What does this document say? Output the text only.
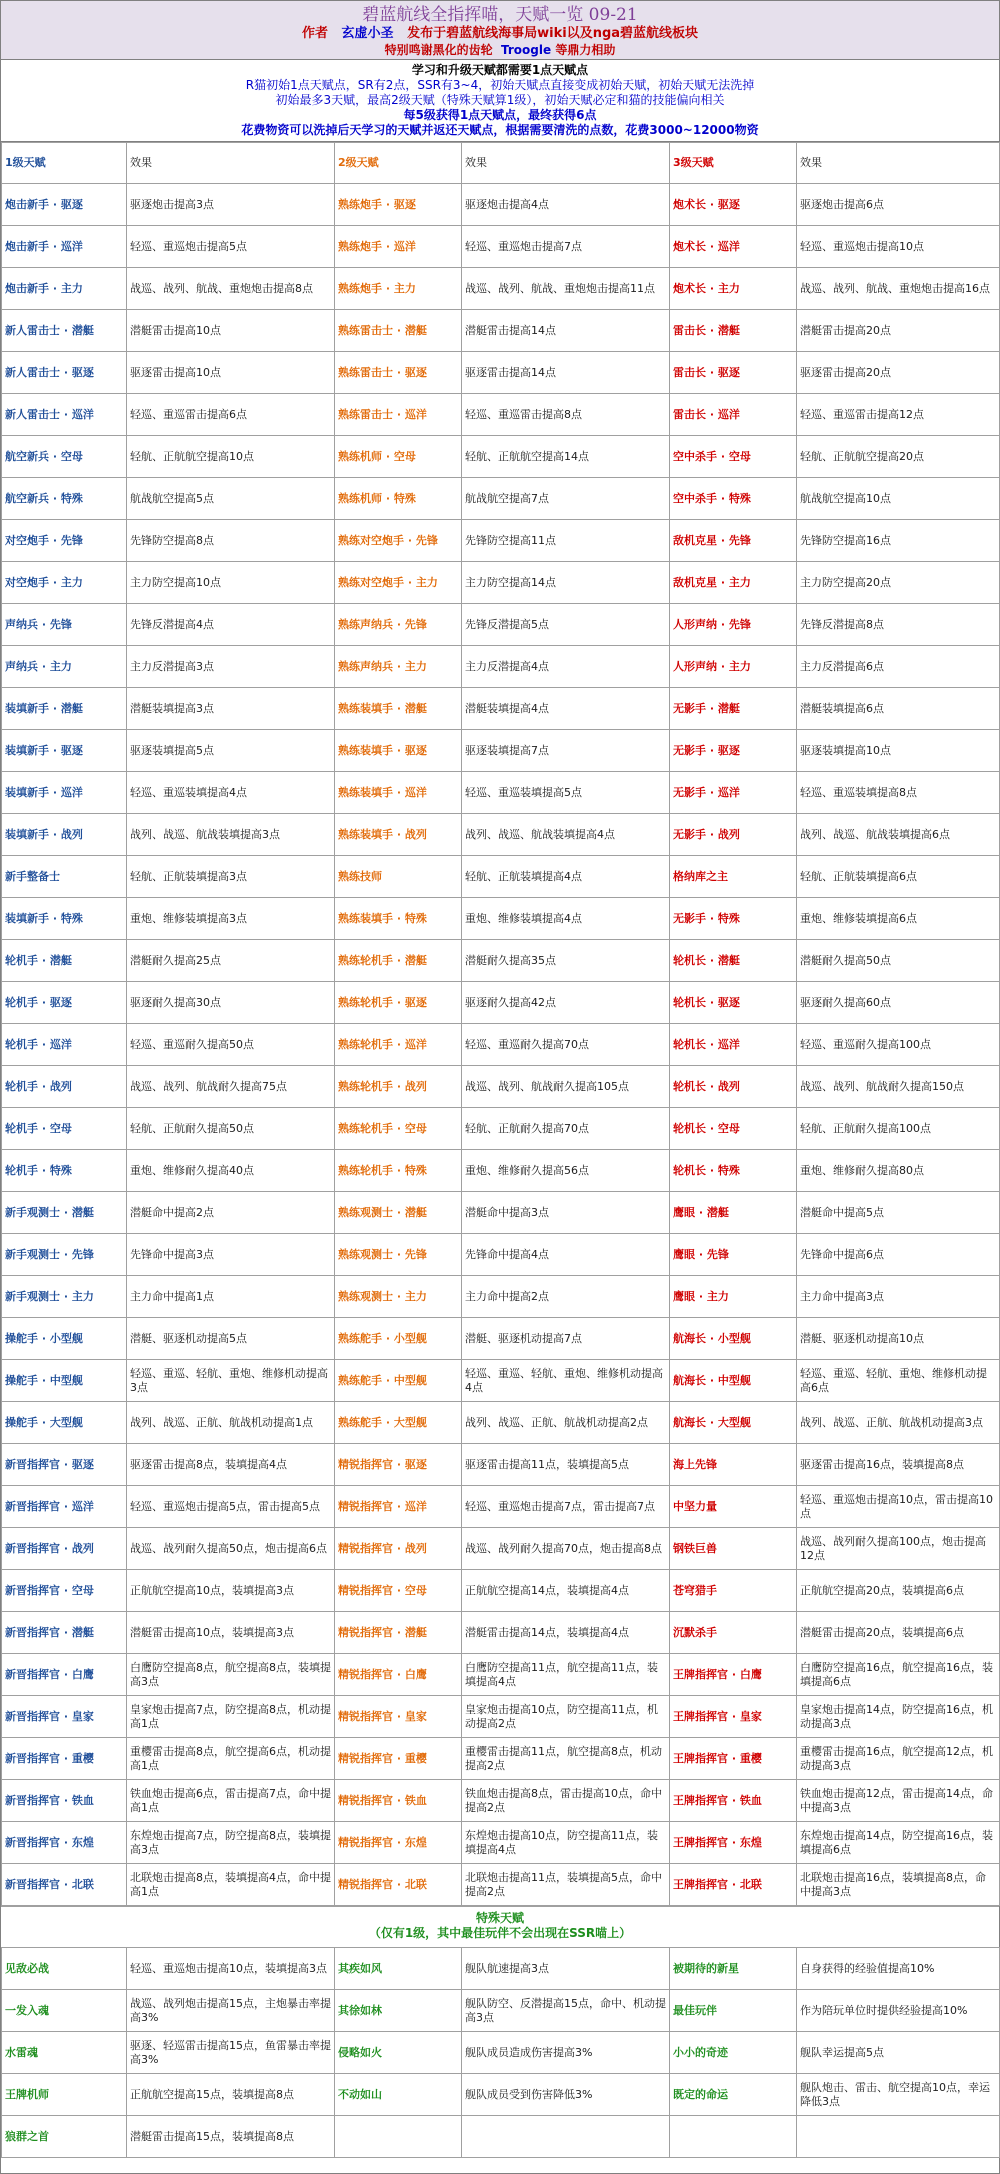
碧蓝航线全指挥喵，天赋一览 09-21
作者 玄虚小圣 发布于碧蓝航线海事局wiki以及nga碧蓝航线板块
特别鸣谢黑化的齿轮 Troogle 等鼎力相助
学习和升级天赋都需要1点天赋点
R猫初始1点天赋点，SR有2点，SSR有3~4，初始天赋点直接变成初始天赋，初始天赋无法洗掉
初始最多3天赋，最高2级天赋（特殊天赋算1级），初始天赋必定和猫的技能偏向相关
每5级获得1点天赋点，最终获得6点
花费物资可以洗掉后天学习的天赋并返还天赋点，根据需要清洗的点数，花费3000~12000物资
1级天赋	效果	2级天赋	效果	3级天赋	效果
炮击新手 · 驱逐	驱逐炮击提高3点	熟练炮手 · 驱逐	驱逐炮击提高4点	炮术长 · 驱逐	驱逐炮击提高6点
炮击新手 · 巡洋	轻巡、重巡炮击提高5点	熟练炮手 · 巡洋	轻巡、重巡炮击提高7点	炮术长 · 巡洋	轻巡、重巡炮击提高10点
炮击新手 · 主力	战巡、战列、航战、重炮炮击提高8点	熟练炮手 · 主力	战巡、战列、航战、重炮炮击提高11点	炮术长 · 主力	战巡、战列、航战、重炮炮击提高16点
新人雷击士 · 潜艇	潜艇雷击提高10点	熟练雷击士 · 潜艇	潜艇雷击提高14点	雷击长 · 潜艇	潜艇雷击提高20点
新人雷击士 · 驱逐	驱逐雷击提高10点	熟练雷击士 · 驱逐	驱逐雷击提高14点	雷击长 · 驱逐	驱逐雷击提高20点
新人雷击士 · 巡洋	轻巡、重巡雷击提高6点	熟练雷击士 · 巡洋	轻巡、重巡雷击提高8点	雷击长 · 巡洋	轻巡、重巡雷击提高12点
航空新兵 · 空母	轻航、正航航空提高10点	熟练机师 · 空母	轻航、正航航空提高14点	空中杀手 · 空母	轻航、正航航空提高20点
航空新兵 · 特殊	航战航空提高5点	熟练机师 · 特殊	航战航空提高7点	空中杀手 · 特殊	航战航空提高10点
对空炮手 · 先锋	先锋防空提高8点	熟练对空炮手 · 先锋	先锋防空提高11点	敌机克星 · 先锋	先锋防空提高16点
对空炮手 · 主力	主力防空提高10点	熟练对空炮手 · 主力	主力防空提高14点	敌机克星 · 主力	主力防空提高20点
声纳兵 · 先锋	先锋反潜提高4点	熟练声纳兵 · 先锋	先锋反潜提高5点	人形声纳 · 先锋	先锋反潜提高8点
声纳兵 · 主力	主力反潜提高3点	熟练声纳兵 · 主力	主力反潜提高4点	人形声纳 · 主力	主力反潜提高6点
装填新手 · 潜艇	潜艇装填提高3点	熟练装填手 · 潜艇	潜艇装填提高4点	无影手 · 潜艇	潜艇装填提高6点
装填新手 · 驱逐	驱逐装填提高5点	熟练装填手 · 驱逐	驱逐装填提高7点	无影手 · 驱逐	驱逐装填提高10点
装填新手 · 巡洋	轻巡、重巡装填提高4点	熟练装填手 · 巡洋	轻巡、重巡装填提高5点	无影手 · 巡洋	轻巡、重巡装填提高8点
装填新手 · 战列	战列、战巡、航战装填提高3点	熟练装填手 · 战列	战列、战巡、航战装填提高4点	无影手 · 战列	战列、战巡、航战装填提高6点
新手整备士	轻航、正航装填提高3点	熟练技师	轻航、正航装填提高4点	格纳库之主	轻航、正航装填提高6点
装填新手 · 特殊	重炮、维修装填提高3点	熟练装填手 · 特殊	重炮、维修装填提高4点	无影手 · 特殊	重炮、维修装填提高6点
轮机手 · 潜艇	潜艇耐久提高25点	熟练轮机手 · 潜艇	潜艇耐久提高35点	轮机长 · 潜艇	潜艇耐久提高50点
轮机手 · 驱逐	驱逐耐久提高30点	熟练轮机手 · 驱逐	驱逐耐久提高42点	轮机长 · 驱逐	驱逐耐久提高60点
轮机手 · 巡洋	轻巡、重巡耐久提高50点	熟练轮机手 · 巡洋	轻巡、重巡耐久提高70点	轮机长 · 巡洋	轻巡、重巡耐久提高100点
轮机手 · 战列	战巡、战列、航战耐久提高75点	熟练轮机手 · 战列	战巡、战列、航战耐久提高105点	轮机长 · 战列	战巡、战列、航战耐久提高150点
轮机手 · 空母	轻航、正航耐久提高50点	熟练轮机手 · 空母	轻航、正航耐久提高70点	轮机长 · 空母	轻航、正航耐久提高100点
轮机手 · 特殊	重炮、维修耐久提高40点	熟练轮机手 · 特殊	重炮、维修耐久提高56点	轮机长 · 特殊	重炮、维修耐久提高80点
新手观测士 · 潜艇	潜艇命中提高2点	熟练观测士 · 潜艇	潜艇命中提高3点	鹰眼 · 潜艇	潜艇命中提高5点
新手观测士 · 先锋	先锋命中提高3点	熟练观测士 · 先锋	先锋命中提高4点	鹰眼 · 先锋	先锋命中提高6点
新手观测士 · 主力	主力命中提高1点	熟练观测士 · 主力	主力命中提高2点	鹰眼 · 主力	主力命中提高3点
操舵手 · 小型舰	潜艇、驱逐机动提高5点	熟练舵手 · 小型舰	潜艇、驱逐机动提高7点	航海长 · 小型舰	潜艇、驱逐机动提高10点
操舵手 · 中型舰	轻巡、重巡、轻航、重炮、维修机动提高3点	熟练舵手 · 中型舰	轻巡、重巡、轻航、重炮、维修机动提高4点	航海长 · 中型舰	轻巡、重巡、轻航、重炮、维修机动提高6点
操舵手 · 大型舰	战列、战巡、正航、航战机动提高1点	熟练舵手 · 大型舰	战列、战巡、正航、航战机动提高2点	航海长 · 大型舰	战列、战巡、正航、航战机动提高3点
新晋指挥官 · 驱逐	驱逐雷击提高8点，装填提高4点	精锐指挥官 · 驱逐	驱逐雷击提高11点，装填提高5点	海上先锋	驱逐雷击提高16点，装填提高8点
新晋指挥官 · 巡洋	轻巡、重巡炮击提高5点，雷击提高5点	精锐指挥官 · 巡洋	轻巡、重巡炮击提高7点，雷击提高7点	中坚力量	轻巡、重巡炮击提高10点，雷击提高10点
新晋指挥官 · 战列	战巡、战列耐久提高50点，炮击提高6点	精锐指挥官 · 战列	战巡、战列耐久提高70点，炮击提高8点	钢铁巨兽	战巡、战列耐久提高100点，炮击提高12点
新晋指挥官 · 空母	正航航空提高10点，装填提高3点	精锐指挥官 · 空母	正航航空提高14点，装填提高4点	苍穹猎手	正航航空提高20点，装填提高6点
新晋指挥官 · 潜艇	潜艇雷击提高10点，装填提高3点	精锐指挥官 · 潜艇	潜艇雷击提高14点，装填提高4点	沉默杀手	潜艇雷击提高20点，装填提高6点
新晋指挥官 · 白鹰	白鹰防空提高8点，航空提高8点，装填提高3点	精锐指挥官 · 白鹰	白鹰防空提高11点，航空提高11点，装填提高4点	王牌指挥官 · 白鹰	白鹰防空提高16点，航空提高16点，装填提高6点
新晋指挥官 · 皇家	皇家炮击提高7点，防空提高8点，机动提高1点	精锐指挥官 · 皇家	皇家炮击提高10点，防空提高11点，机动提高2点	王牌指挥官 · 皇家	皇家炮击提高14点，防空提高16点，机动提高3点
新晋指挥官 · 重樱	重樱雷击提高8点，航空提高6点，机动提高1点	精锐指挥官 · 重樱	重樱雷击提高11点，航空提高8点，机动提高2点	王牌指挥官 · 重樱	重樱雷击提高16点，航空提高12点，机动提高3点
新晋指挥官 · 铁血	铁血炮击提高6点，雷击提高7点，命中提高1点	精锐指挥官 · 铁血	铁血炮击提高8点，雷击提高10点，命中提高2点	王牌指挥官 · 铁血	铁血炮击提高12点，雷击提高14点，命中提高3点
新晋指挥官 · 东煌	东煌炮击提高7点，防空提高8点，装填提高3点	精锐指挥官 · 东煌	东煌炮击提高10点，防空提高11点，装填提高4点	王牌指挥官 · 东煌	东煌炮击提高14点，防空提高16点，装填提高6点
新晋指挥官 · 北联	北联炮击提高8点，装填提高4点，命中提高1点	精锐指挥官 · 北联	北联炮击提高11点，装填提高5点，命中提高2点	王牌指挥官 · 北联	北联炮击提高16点，装填提高8点，命中提高3点
特殊天赋
（仅有1级，其中最佳玩伴不会出现在SSR喵上）
见敌必战	轻巡、重巡炮击提高10点，装填提高3点	其疾如风	舰队航速提高3点	被期待的新星	自身获得的经验值提高10%
一发入魂	战巡、战列炮击提高15点，主炮暴击率提高3%	其徐如林	舰队防空、反潜提高15点，命中、机动提高3点	最佳玩伴	作为陪玩单位时提供经验提高10%
水雷魂	驱逐、轻巡雷击提高15点，鱼雷暴击率提高3%	侵略如火	舰队成员造成伤害提高3%	小小的奇迹	舰队幸运提高5点
王牌机师	正航航空提高15点，装填提高8点	不动如山	舰队成员受到伤害降低3%	既定的命运	舰队炮击、雷击、航空提高10点，幸运降低3点
狼群之首	潜艇雷击提高15点，装填提高8点				
